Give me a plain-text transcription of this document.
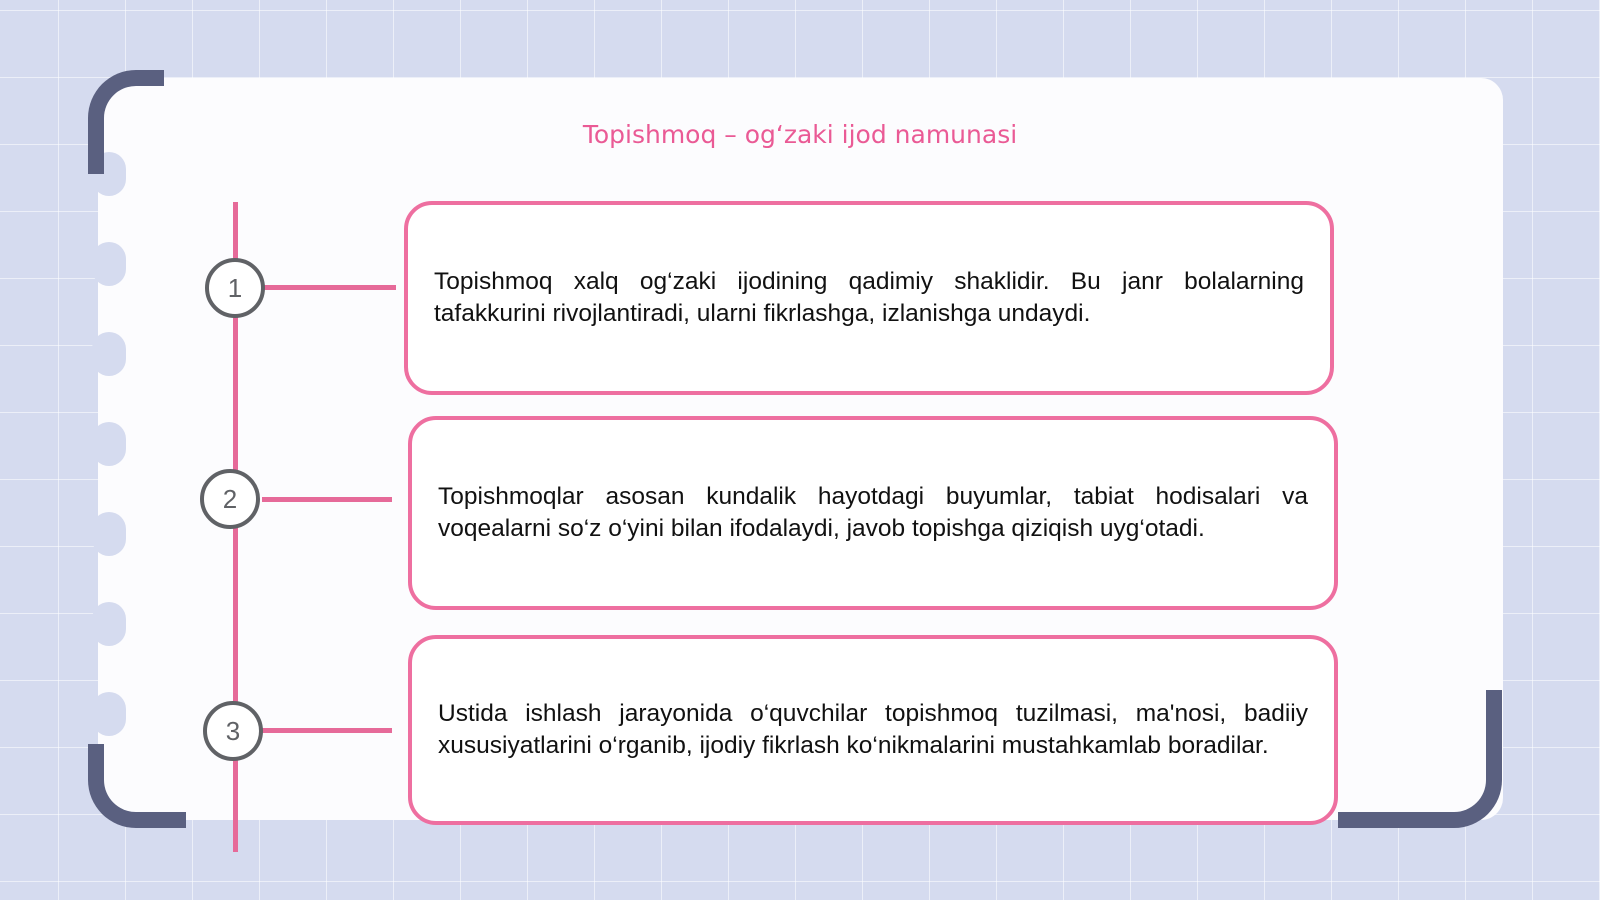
Topishmoq – og‘zaki ijod namunasi
1	Topishmoq xalq og‘zaki ijodining qadimiy shaklidir. Bu janr bolalarning tafakkurini rivojlantiradi, ularni fikrlashga, izlanishga undaydi.

2	Topishmoqlar asosan kundalik hayotdagi buyumlar, tabiat hodisalari va voqealarni so‘z o‘yini bilan ifodalaydi, javob topishga qiziqish uyg‘otadi.

3

Ustida ishlash jarayonida o‘quvchilar topishmoq tuzilmasi, ma'nosi, badiiy xususiyatlarini o‘rganib, ijodiy fikrlash ko‘nikmalarini mustahkamlab boradilar.
